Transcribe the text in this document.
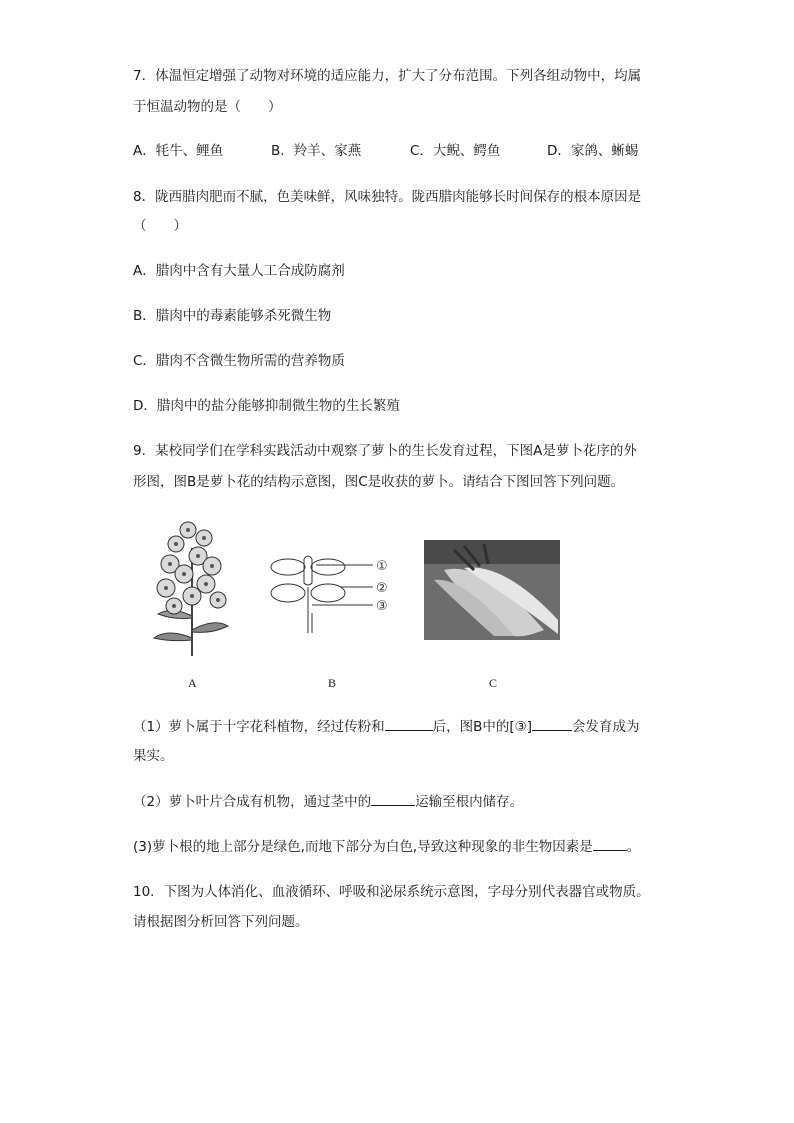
7．体温恒定增强了动物对环境的适应能力，扩大了分布范围。下列各组动物中，均属
于恒温动物的是（　　）
A．牦牛、鲤鱼	B．羚羊、家燕	C．大鲵、鳄鱼	D．家鸽、蜥蜴
8．陇西腊肉肥而不腻，色美味鲜，风味独特。陇西腊肉能够长时间保存的根本原因是
（　　）
A．腊肉中含有大量人工合成防腐剂
B．腊肉中的毒素能够杀死微生物
C．腊肉不含微生物所需的营养物质
D．腊肉中的盐分能够抑制微生物的生长繁殖
9．某校同学们在学科实践活动中观察了萝卜的生长发育过程，下图A是萝卜花序的外
形图，图B是萝卜花的结构示意图，图C是收获的萝卜。请结合下图回答下列问题。
①
②
③
A	B	C
（1）萝卜属于十字花科植物，经过传粉和	后，图B中的[③]	会发育成为
果实。
（2）萝卜叶片合成有机物，通过茎中的	运输至根内储存。
(3)萝卜根的地上部分是绿色,而地下部分为白色,导致这种现象的非生物因素是	。
10．下图为人体消化、血液循环、呼吸和泌尿系统示意图，字母分别代表器官或物质。
请根据图分析回答下列问题。
